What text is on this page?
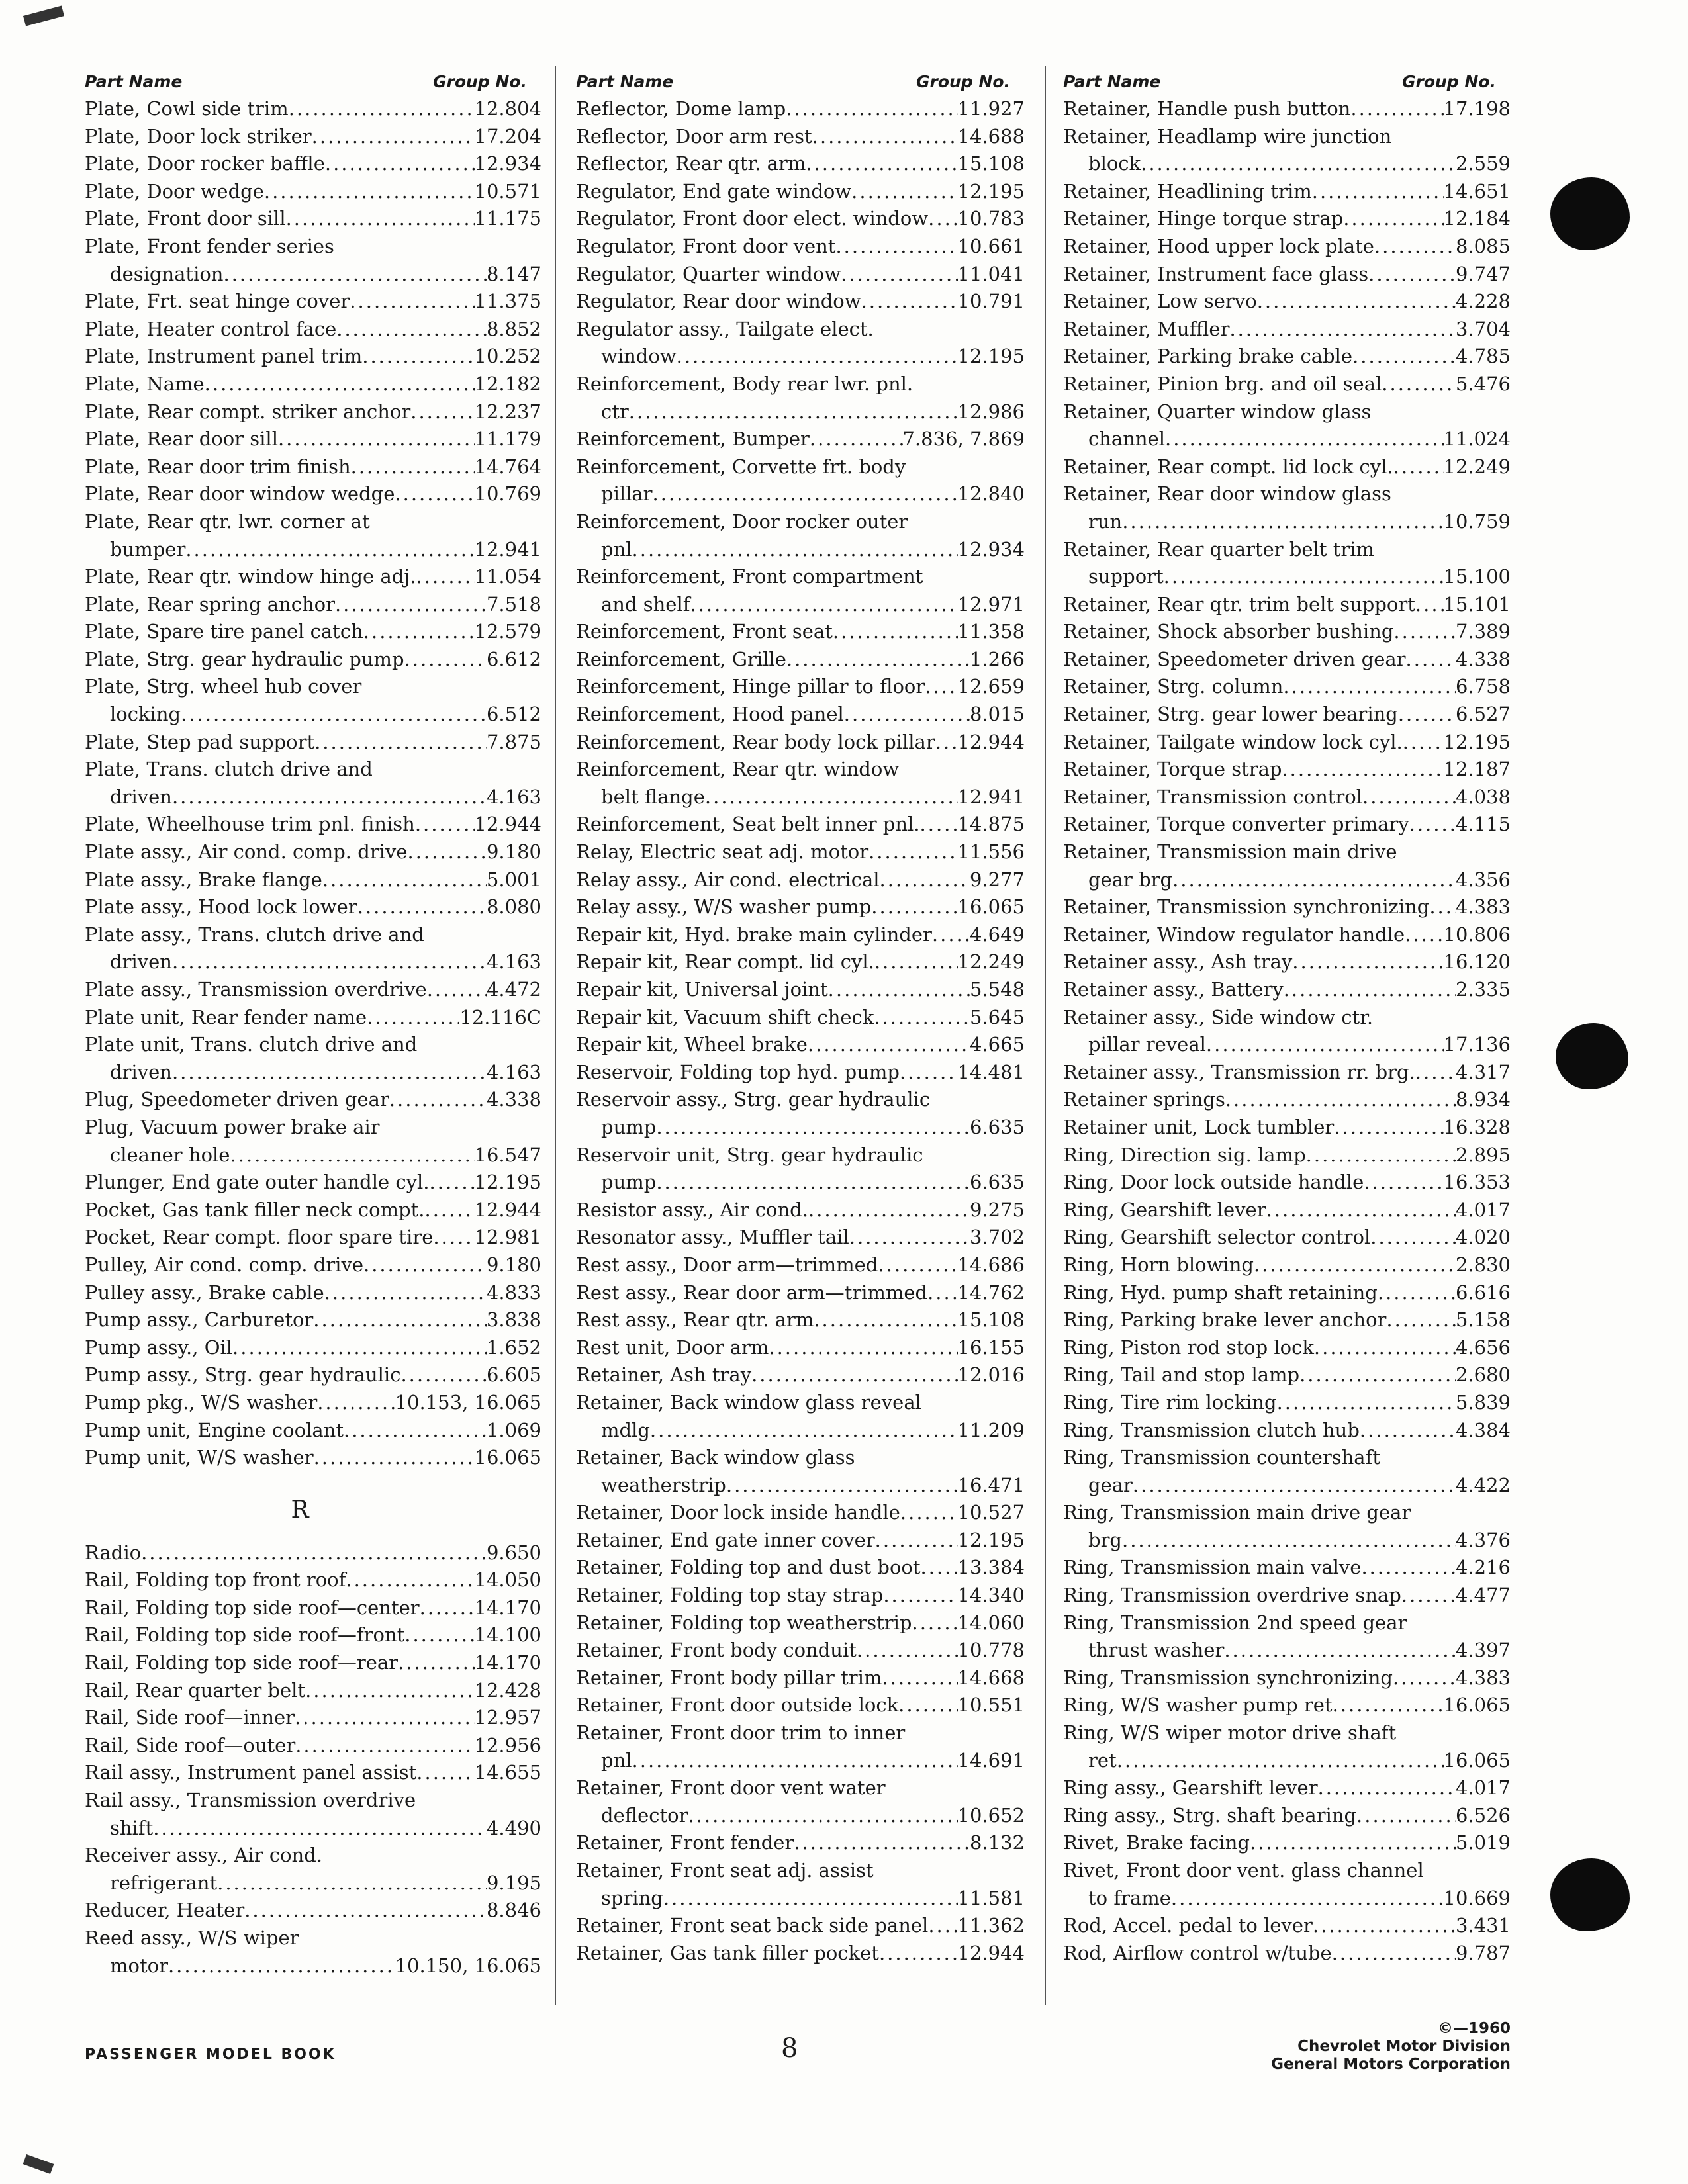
Part Name	Group No.
Plate, Cowl side trim .....	12.804
Plate, Door lock striker .....	17.204
Plate, Door rocker baffle .....	12.934
Plate, Door wedge .....	10.571
Plate, Front door sill .....	11.175
Plate, Front fender series
designation .....	8.147
Plate, Frt. seat hinge cover .....	11.375
Plate, Heater control face .....	8.852
Plate, Instrument panel trim .....	10.252
Plate, Name .....	12.182
Plate, Rear compt. striker anchor .....	12.237
Plate, Rear door sill .....	11.179
Plate, Rear door trim finish .....	14.764
Plate, Rear door window wedge .....	10.769
Plate, Rear qtr. lwr. corner at
bumper .....	12.941
Plate, Rear qtr. window hinge adj. .....	11.054
Plate, Rear spring anchor .....	7.518
Plate, Spare tire panel catch .....	12.579
Plate, Strg. gear hydraulic pump .....	6.612
Plate, Strg. wheel hub cover
locking .....	6.512
Plate, Step pad support .....	7.875
Plate, Trans. clutch drive and
driven .....	4.163
Plate, Wheelhouse trim pnl. finish .....	12.944
Plate assy., Air cond. comp. drive .....	9.180
Plate assy., Brake flange .....	5.001
Plate assy., Hood lock lower .....	8.080
Plate assy., Trans. clutch drive and
driven .....	4.163
Plate assy., Transmission overdrive .....	4.472
Plate unit, Rear fender name .....	12.116C
Plate unit, Trans. clutch drive and
driven .....	4.163
Plug, Speedometer driven gear .....	4.338
Plug, Vacuum power brake air
cleaner hole .....	16.547
Plunger, End gate outer handle cyl. ..... 12.195
Pocket, Gas tank filler neck compt. .....	12.944
Pocket, Rear compt. floor spare tire ..... 12.981
Pulley, Air cond. comp. drive .....	9.180
Pulley assy., Brake cable .....	4.833
Pump assy., Carburetor .....	3.838
Pump assy., Oil .....	1.652
Pump assy., Strg. gear hydraulic .....	6.605
Pump pkg., W/S washer .....	10.153, 16.065
Pump unit, Engine coolant .....	1.069
Pump unit, W/S washer .....	16.065
R
Radio .....	9.650
Rail, Folding top front roof .....	14.050
Rail, Folding top side roof—center .....	14.170
Rail, Folding top side roof—front .....	14.100
Rail, Folding top side roof—rear .....	14.170
Rail, Rear quarter belt .....	12.428
Rail, Side roof—inner .....	12.957
Rail, Side roof—outer .....	12.956
Rail assy., Instrument panel assist .....	14.655
Rail assy., Transmission overdrive
shift .....	4.490
Receiver assy., Air cond.
refrigerant .....	9.195
Reducer, Heater .....	8.846
Reed assy., W/S wiper
motor .....	10.150, 16.065
Part Name	Group No.
Reflector, Dome lamp .....	11.927
Reflector, Door arm rest .....	14.688
Reflector, Rear qtr. arm .....	15.108
Regulator, End gate window .....	12.195
Regulator, Front door elect. window ..... 10.783
Regulator, Front door vent .....	10.661
Regulator, Quarter window .....	11.041
Regulator, Rear door window .....	10.791
Regulator assy., Tailgate elect.
window .....	12.195
Reinforcement, Body rear lwr. pnl.
ctr .....	12.986
Reinforcement, Bumper .....	7.836, 7.869
Reinforcement, Corvette frt. body
pillar .....	12.840
Reinforcement, Door rocker outer
pnl .....	12.934
Reinforcement, Front compartment
and shelf .....	12.971
Reinforcement, Front seat .....	11.358
Reinforcement, Grille .....	1.266
Reinforcement, Hinge pillar to floor ..... 12.659
Reinforcement, Hood panel .....	8.015
Reinforcement, Rear body lock pillar ..... 12.944
Reinforcement, Rear qtr. window
belt flange .....	12.941
Reinforcement, Seat belt inner pnl. ..... 14.875
Relay, Electric seat adj. motor .....	11.556
Relay assy., Air cond. electrical .....	9.277
Relay assy., W/S washer pump .....	16.065
Repair kit, Hyd. brake main cylinder ..... 4.649
Repair kit, Rear compt. lid cyl. .....	12.249
Repair kit, Universal joint .....	5.548
Repair kit, Vacuum shift check .....	5.645
Repair kit, Wheel brake .....	4.665
Reservoir, Folding top hyd. pump .....	14.481
Reservoir assy., Strg. gear hydraulic
pump .....	6.635
Reservoir unit, Strg. gear hydraulic
pump .....	6.635
Resistor assy., Air cond. .....	9.275
Resonator assy., Muffler tail .....	3.702
Rest assy., Door arm—trimmed .....	14.686
Rest assy., Rear door arm—trimmed ..... 14.762
Rest assy., Rear qtr. arm .....	15.108
Rest unit, Door arm .....	16.155
Retainer, Ash tray .....	12.016
Retainer, Back window glass reveal
mdlg .....	11.209
Retainer, Back window glass
weatherstrip .....	16.471
Retainer, Door lock inside handle .....	10.527
Retainer, End gate inner cover .....	12.195
Retainer, Folding top and dust boot ..... 13.384
Retainer, Folding top stay strap .....	14.340
Retainer, Folding top weatherstrip ..... 14.060
Retainer, Front body conduit .....	10.778
Retainer, Front body pillar trim .....	14.668
Retainer, Front door outside lock .....	10.551
Retainer, Front door trim to inner
pnl .....	14.691
Retainer, Front door vent water
deflector .....	10.652
Retainer, Front fender .....	8.132
Retainer, Front seat adj. assist
spring .....	11.581
Retainer, Front seat back side panel ..... 11.362
Retainer, Gas tank filler pocket .....	12.944
Part Name	Group No.
Retainer, Handle push button .....	17.198
Retainer, Headlamp wire junction
block .....	2.559
Retainer, Headlining trim .....	14.651
Retainer, Hinge torque strap .....	12.184
Retainer, Hood upper lock plate .....	8.085
Retainer, Instrument face glass .....	9.747
Retainer, Low servo .....	4.228
Retainer, Muffler .....	3.704
Retainer, Parking brake cable .....	4.785
Retainer, Pinion brg. and oil seal .....	5.476
Retainer, Quarter window glass
channel .....	11.024
Retainer, Rear compt. lid lock cyl. .....	12.249
Retainer, Rear door window glass
run .....	10.759
Retainer, Rear quarter belt trim
support .....	15.100
Retainer, Rear qtr. trim belt support ..... 15.101
Retainer, Shock absorber bushing .....	7.389
Retainer, Speedometer driven gear .....	4.338
Retainer, Strg. column .....	6.758
Retainer, Strg. gear lower bearing .....	6.527
Retainer, Tailgate window lock cyl. ..... 12.195
Retainer, Torque strap .....	12.187
Retainer, Transmission control .....	4.038
Retainer, Torque converter primary ..... 4.115
Retainer, Transmission main drive
gear brg .....	4.356
Retainer, Transmission synchronizing ..... 4.383
Retainer, Window regulator handle ..... 10.806
Retainer assy., Ash tray .....	16.120
Retainer assy., Battery .....	2.335
Retainer assy., Side window ctr.
pillar reveal .....	17.136
Retainer assy., Transmission rr. brg. ..... 4.317
Retainer springs .....	8.934
Retainer unit, Lock tumbler .....	16.328
Ring, Direction sig. lamp .....	2.895
Ring, Door lock outside handle .....	16.353
Ring, Gearshift lever .....	4.017
Ring, Gearshift selector control .....	4.020
Ring, Horn blowing .....	2.830
Ring, Hyd. pump shaft retaining .....	6.616
Ring, Parking brake lever anchor .....	5.158
Ring, Piston rod stop lock .....	4.656
Ring, Tail and stop lamp .....	2.680
Ring, Tire rim locking .....	5.839
Ring, Transmission clutch hub .....	4.384
Ring, Transmission countershaft
gear .....	4.422
Ring, Transmission main drive gear
brg .....	4.376
Ring, Transmission main valve .....	4.216
Ring, Transmission overdrive snap .....	4.477
Ring, Transmission 2nd speed gear
thrust washer .....	4.397
Ring, Transmission synchronizing .....	4.383
Ring, W/S washer pump ret .....	16.065
Ring, W/S wiper motor drive shaft
ret .....	16.065
Ring assy., Gearshift lever .....	4.017
Ring assy., Strg. shaft bearing .....	6.526
Rivet, Brake facing .....	5.019
Rivet, Front door vent. glass channel
to frame .....	10.669
Rod, Accel. pedal to lever .....	3.431
Rod, Airflow control w/tube .....	9.787
PASSENGER MODEL BOOK	8
©—1960
Chevrolet Motor Division
General Motors Corporation
